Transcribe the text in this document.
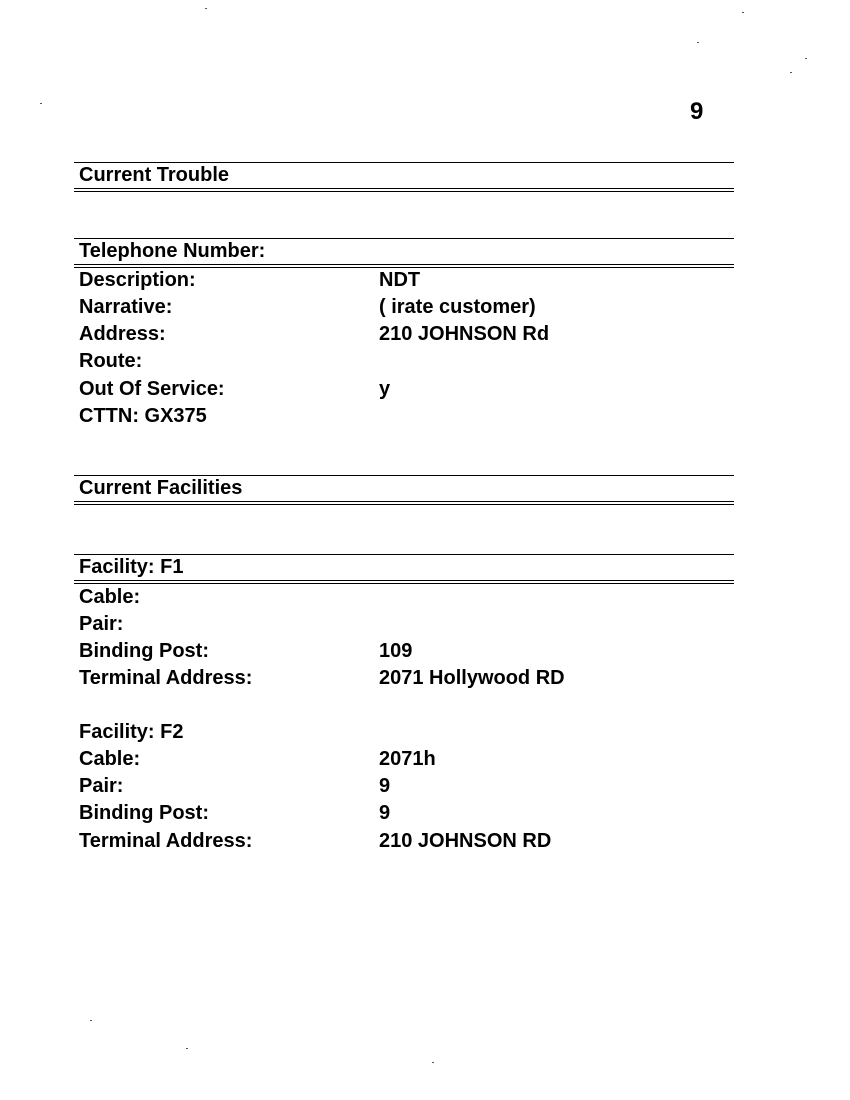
9
Current Trouble
Telephone Number:
Description:	NDT
Narrative:	( irate customer)
Address:	210 JOHNSON Rd
Route:
Out Of Service:	y
CTTN: GX375
Current Facilities
Facility: F1
Cable:
Pair:
Binding Post:	109
Terminal Address:	2071 Hollywood RD
Facility: F2
Cable:	2071h
Pair:	9
Binding Post:	9
Terminal Address:	210 JOHNSON RD
